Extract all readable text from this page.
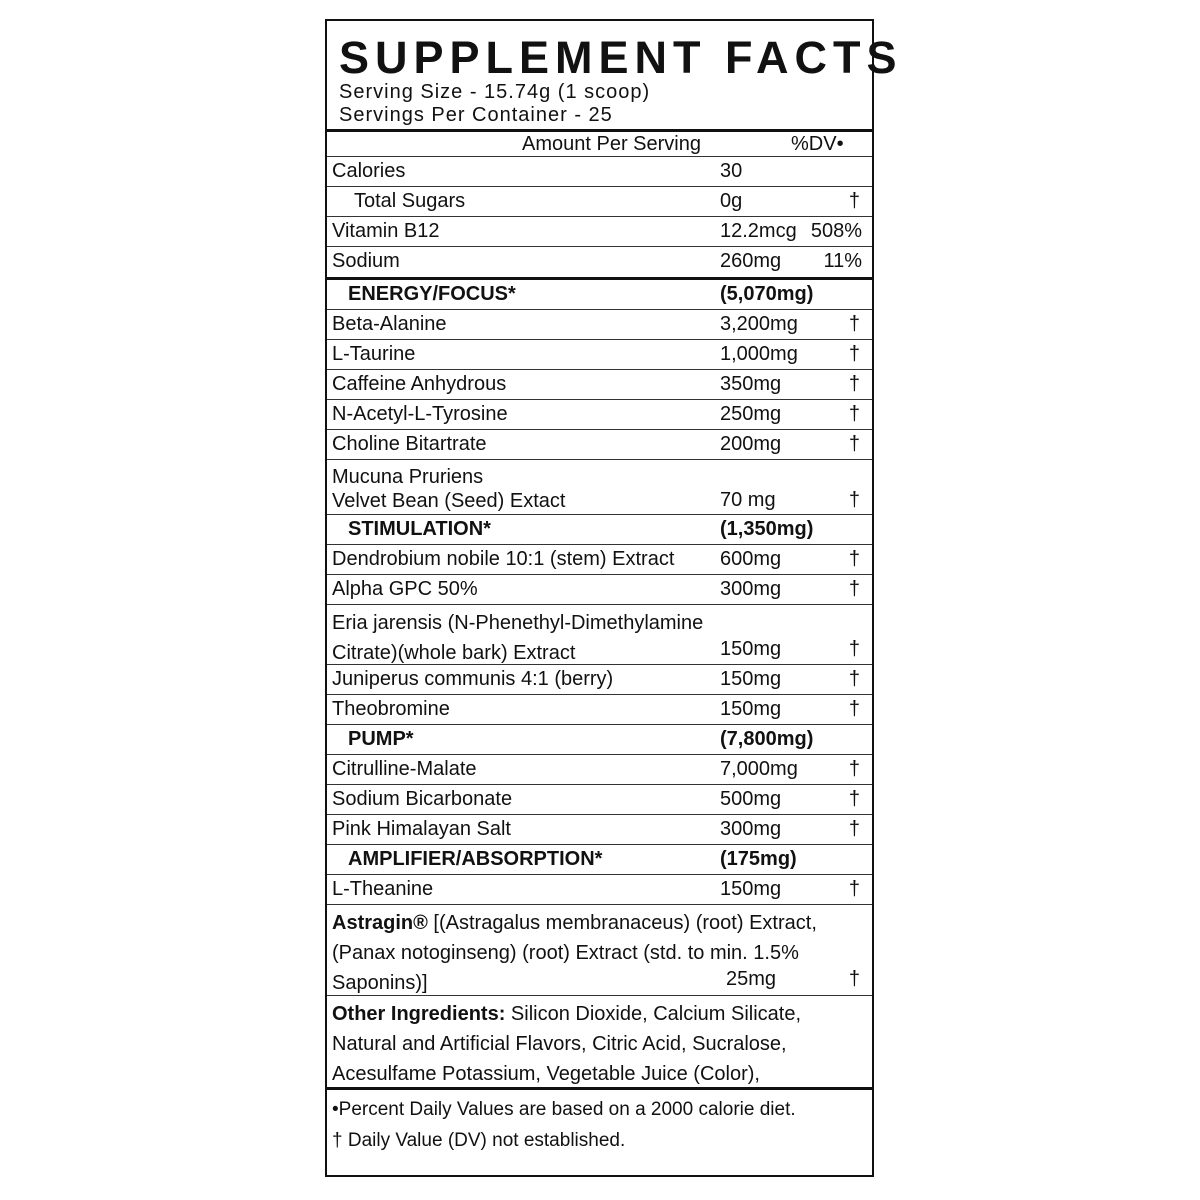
SUPPLEMENT FACTS
Serving Size - 15.74g (1 scoop)
Servings Per Container - 25
Amount Per Serving	%DV•
Calories	30
Total Sugars	0g	†
Vitamin B12	12.2mcg 508%
Sodium	260mg 11%
ENERGY/FOCUS*	(5,070mg)
Beta-Alanine	3,200mg	†
L-Taurine	1,000mg	†
Caffeine Anhydrous	350mg	†
N-Acetyl-L-Tyrosine	250mg	†
Choline Bitartrate	200mg	†
Mucuna Pruriens
Velvet Bean (Seed) Extact	70 mg	†
STIMULATION*	(1,350mg)
Dendrobium nobile 10:1 (stem) Extract 600mg	†
Alpha GPC 50%	300mg	†
Eria jarensis (N-Phenethyl-Dimethylamine
Citrate)(whole bark) Extract	150mg	†
Juniperus communis 4:1 (berry)	150mg	†
Theobromine	150mg	†
PUMP*	(7,800mg)
Citrulline-Malate	7,000mg	†
Sodium Bicarbonate	500mg	†
Pink Himalayan Salt	300mg	†
AMPLIFIER/ABSORPTION*	(175mg)
L-Theanine	150mg	†
Astragin® [(Astragalus membranaceus) (root) Extract, (Panax notoginseng) (root) Extract (std. to min. 1.5% Saponins)]	25mg	†
Other Ingredients: Silicon Dioxide, Calcium Silicate, Natural and Artificial Flavors, Citric Acid, Sucralose, Acesulfame Potassium, Vegetable Juice (Color),
•Percent Daily Values are based on a 2000 calorie diet.
† Daily Value (DV) not established.
